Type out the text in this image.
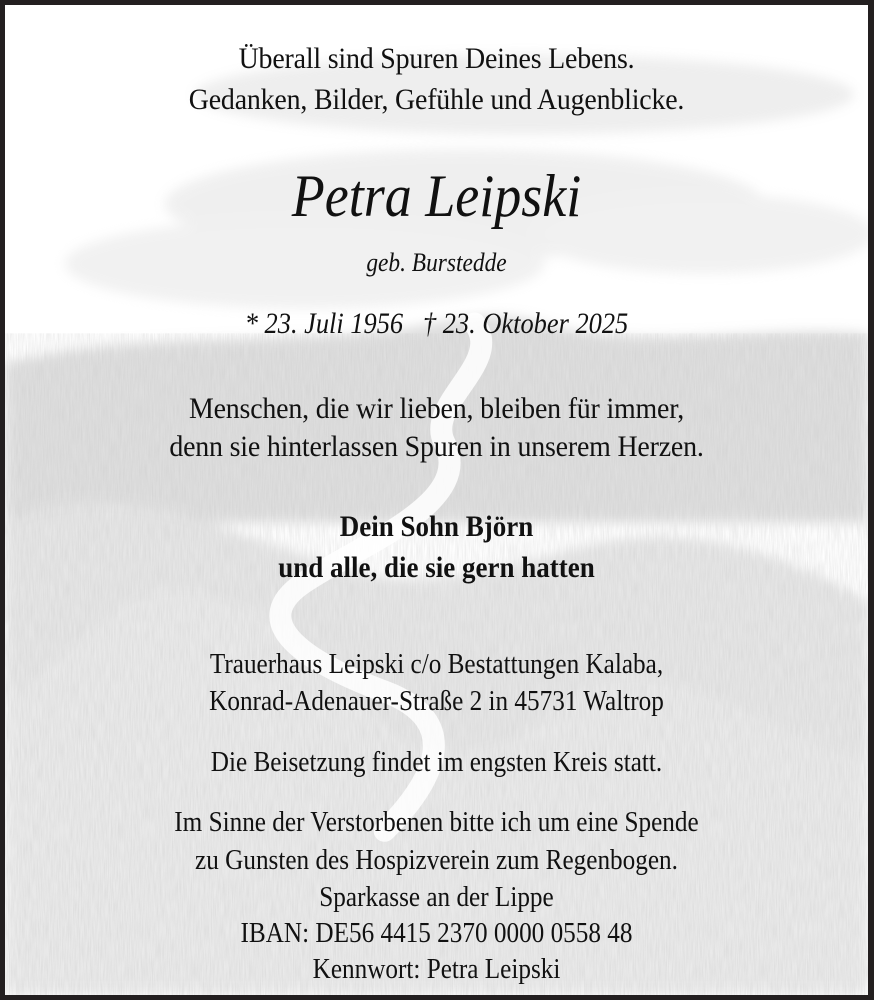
Überall sind Spuren Deines Lebens.
Gedanken, Bilder, Gefühle und Augenblicke.
Petra Leipski
geb. Burstedde
* 23. Juli 1956   † 23. Oktober 2025
Menschen, die wir lieben, bleiben für immer,
denn sie hinterlassen Spuren in unserem Herzen.
Dein Sohn Björn
und alle, die sie gern hatten
Trauerhaus Leipski c/o Bestattungen Kalaba,
Konrad-Adenauer-Straße 2 in 45731 Waltrop
Die Beisetzung findet im engsten Kreis statt.
Im Sinne der Verstorbenen bitte ich um eine Spende
zu Gunsten des Hospizverein zum Regenbogen.
Sparkasse an der Lippe
IBAN: DE56 4415 2370 0000 0558 48
Kennwort: Petra Leipski
